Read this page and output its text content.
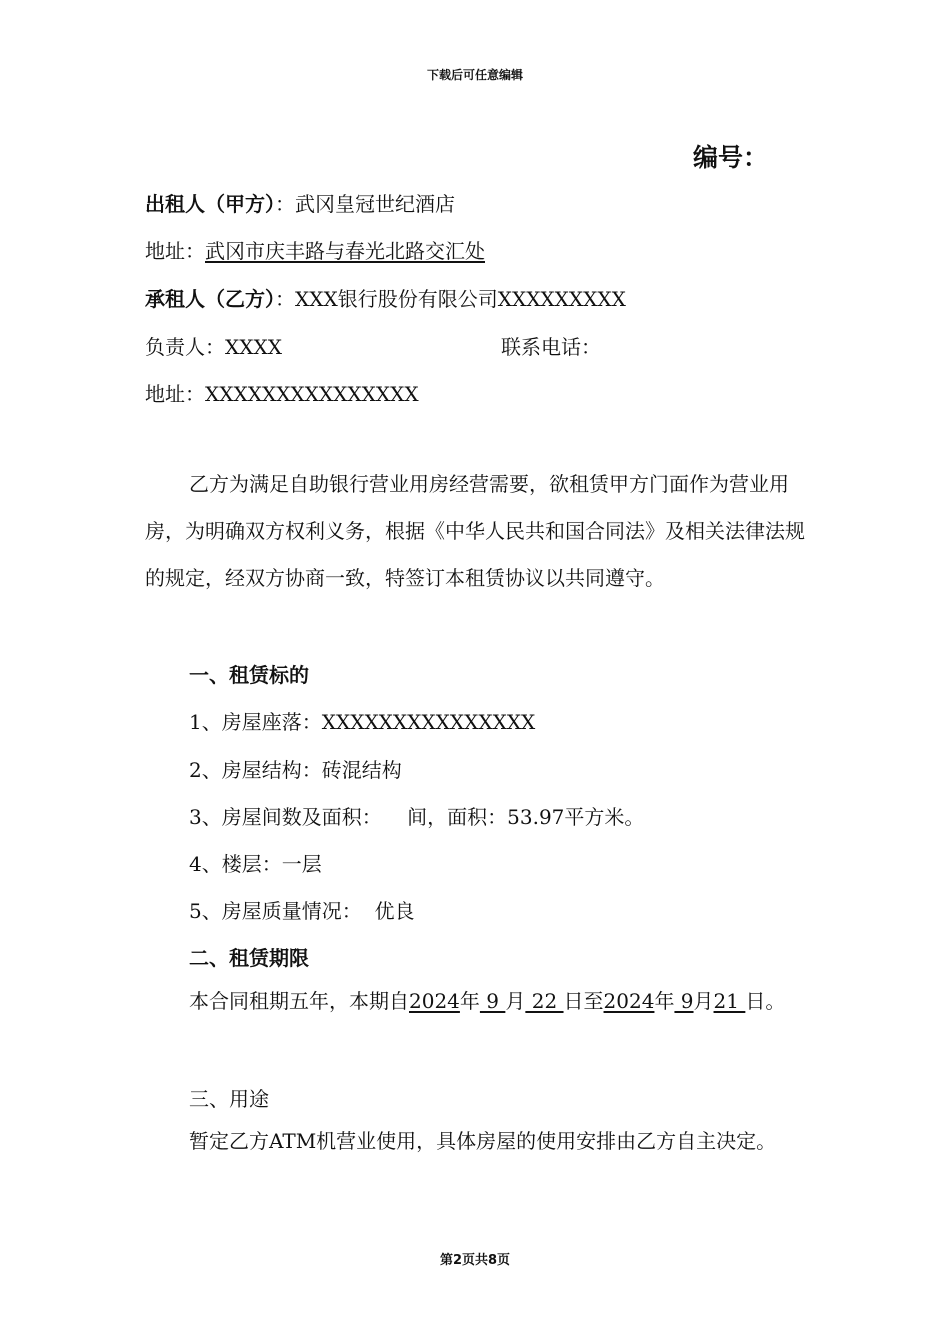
下载后可任意编辑
编号：
出租人（甲方）：武冈皇冠世纪酒店
地址：武冈市庆丰路与春光北路交汇处
承租人（乙方）：XXX银行股份有限公司XXXXXXXXX
负责人：XXXX	联系电话：
地址：XXXXXXXXXXXXXXX
乙方为满足自助银行营业用房经营需要，欲租赁甲方门面作为营业用房，为明确双方权利义务，根据《中华人民共和国合同法》及相关法律法规的规定，经双方协商一致，特签订本租赁协议以共同遵守。
一、租赁标的
1、房屋座落：XXXXXXXXXXXXXXX
2、房屋结构：砖混结构
3、房屋间数及面积：    间，面积：53.97平方米。
4、楼层：一层
5、房屋质量情况：  优良
二、租赁期限
本合同租期五年，本期自2024年 9 月 22 日至2024年 9月21 日。
三、用途
暂定乙方ATM机营业使用，具体房屋的使用安排由乙方自主决定。
第2页共8页
